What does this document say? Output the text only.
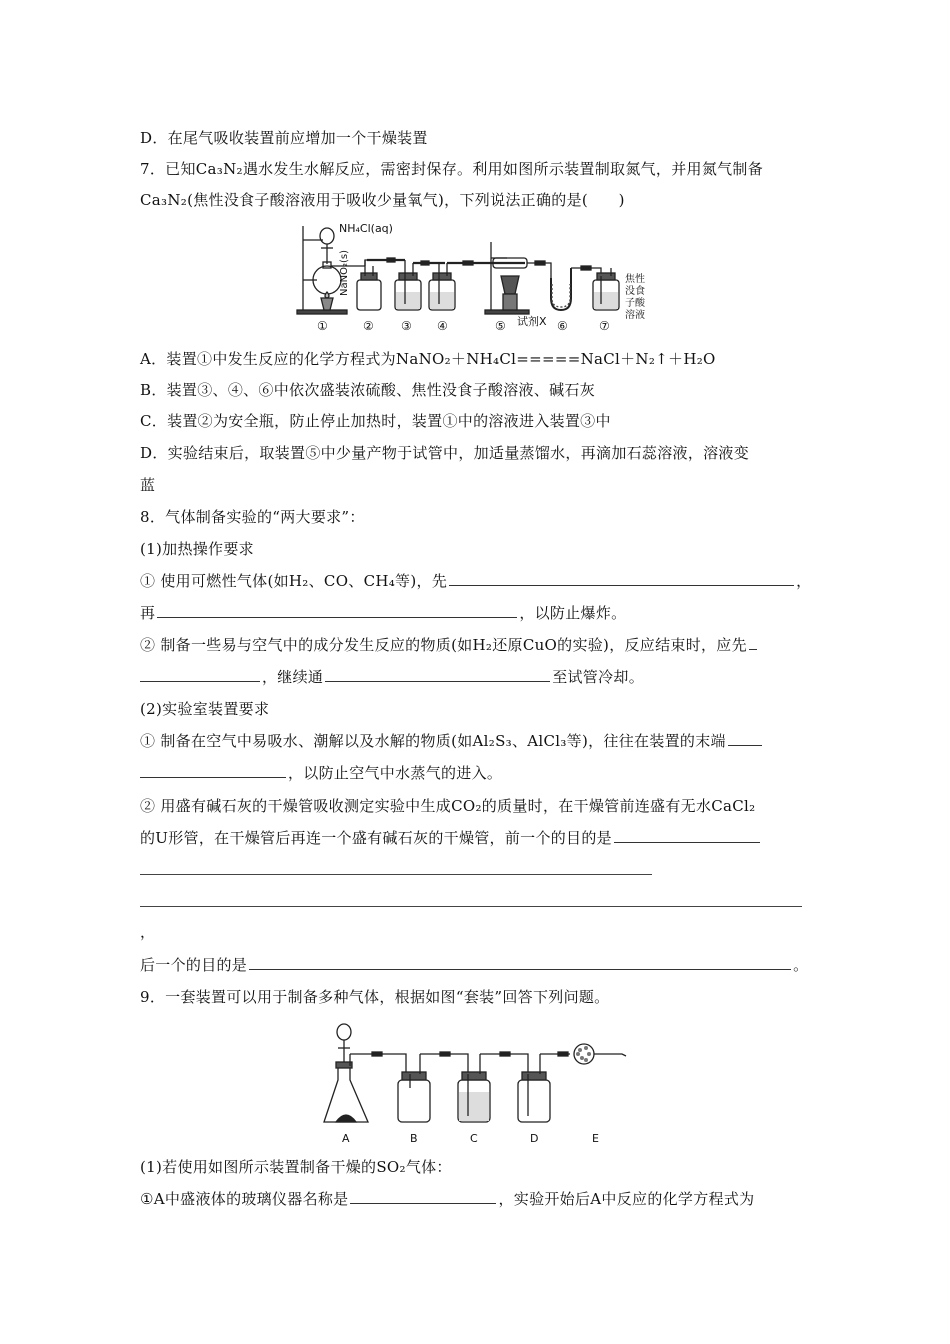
D．在尾气吸收装置前应增加一个干燥装置
7．已知Ca₃N₂遇水发生水解反应，需密封保存。利用如图所示装置制取氮气，并用氮气制备
Ca₃N₂(焦性没食子酸溶液用于吸收少量氧气)，下列说法正确的是(　　)
NH₄Cl(aq)
NaNO₂(s)
试剂X
焦性
没食
子酸
溶液
①	② ③ ④	⑤	⑥	⑦
A．装置①中发生反应的化学方程式为NaNO₂＋NH₄Cl=====NaCl＋N₂↑＋H₂O
B．装置③、④、⑥中依次盛装浓硫酸、焦性没食子酸溶液、碱石灰
C．装置②为安全瓶，防止停止加热时，装置①中的溶液进入装置③中
D．实验结束后，取装置⑤中少量产物于试管中，加适量蒸馏水，再滴加石蕊溶液，溶液变
蓝
8．气体制备实验的“两大要求”：
(1)加热操作要求
① 使用可燃性气体(如H₂、CO、CH₄等)，先	，
再	，以防止爆炸。
② 制备一些易与空气中的成分发生反应的物质(如H₂还原CuO的实验)，反应结束时，应先
，继续通	至试管冷却。
(2)实验室装置要求
① 制备在空气中易吸水、潮解以及水解的物质(如Al₂S₃、AlCl₃等)，往往在装置的末端
，以防止空气中水蒸气的进入。
② 用盛有碱石灰的干燥管吸收测定实验中生成CO₂的质量时，在干燥管前连盛有无水CaCl₂
的U形管，在干燥管后再连一个盛有碱石灰的干燥管，前一个的目的是
，
后一个的目的是	。
9．一套装置可以用于制备多种气体，根据如图“套装”回答下列问题。
A	B	C	D	E
(1)若使用如图所示装置制备干燥的SO₂气体：
①A中盛液体的玻璃仪器名称是	，实验开始后A中反应的化学方程式为
